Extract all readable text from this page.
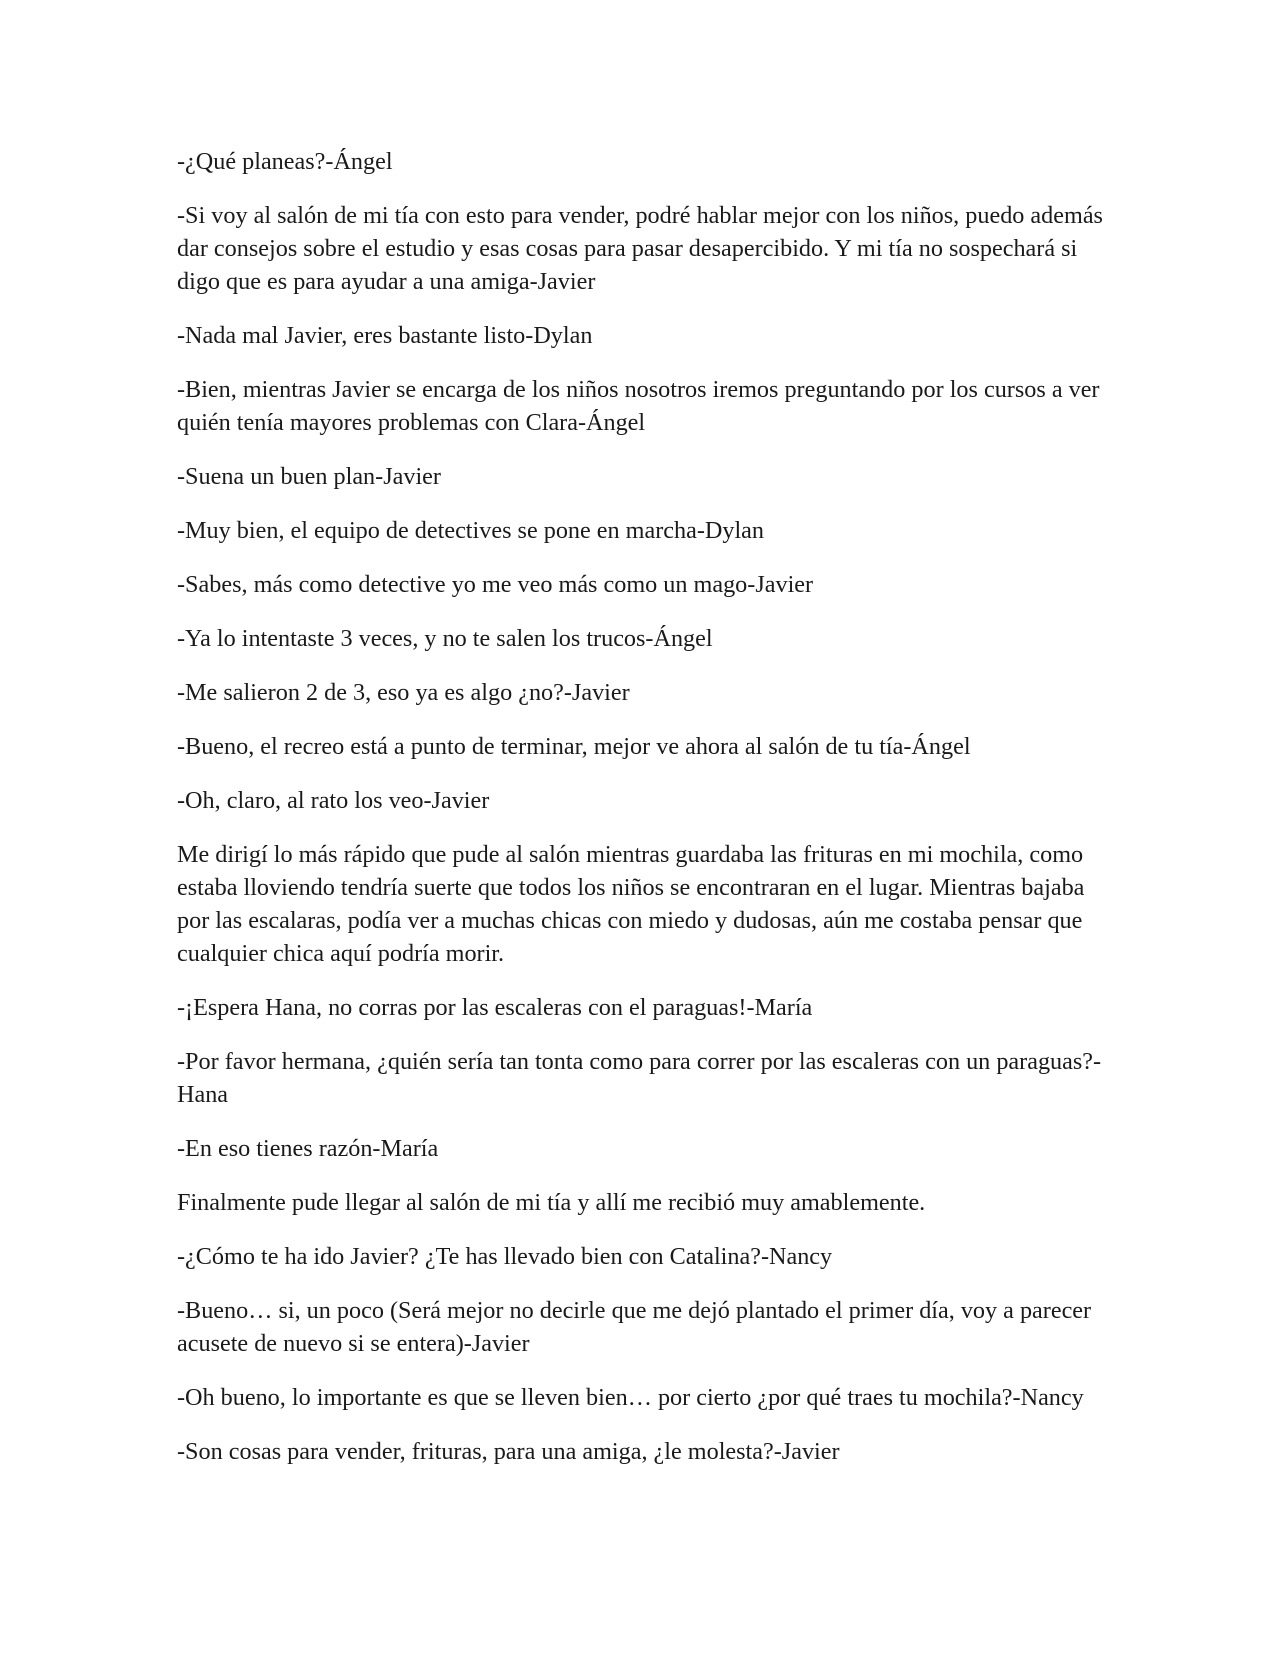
-¿Qué planeas?-Ángel

-Si voy al salón de mi tía con esto para vender, podré hablar mejor con los niños, puedo además dar consejos sobre el estudio y esas cosas para pasar desapercibido. Y mi tía no sospechará si digo que es para ayudar a una amiga-Javier

-Nada mal Javier, eres bastante listo-Dylan

-Bien, mientras Javier se encarga de los niños nosotros iremos preguntando por los cursos a ver quién tenía mayores problemas con Clara-Ángel

-Suena un buen plan-Javier

-Muy bien, el equipo de detectives se pone en marcha-Dylan

-Sabes, más como detective yo me veo más como un mago-Javier

-Ya lo intentaste 3 veces, y no te salen los trucos-Ángel

-Me salieron 2 de 3, eso ya es algo ¿no?-Javier

-Bueno, el recreo está a punto de terminar, mejor ve ahora al salón de tu tía-Ángel

-Oh, claro, al rato los veo-Javier

Me dirigí lo más rápido que pude al salón mientras guardaba las frituras en mi mochila, como estaba lloviendo tendría suerte que todos los niños se encontraran en el lugar. Mientras bajaba por las escalaras, podía ver a muchas chicas con miedo y dudosas, aún me costaba pensar que cualquier chica aquí podría morir.

-¡Espera Hana, no corras por las escaleras con el paraguas!-María

-Por favor hermana, ¿quién sería tan tonta como para correr por las escaleras con un paraguas?-Hana

-En eso tienes razón-María

Finalmente pude llegar al salón de mi tía y allí me recibió muy amablemente.

-¿Cómo te ha ido Javier? ¿Te has llevado bien con Catalina?-Nancy

-Bueno… si, un poco (Será mejor no decirle que me dejó plantado el primer día, voy a parecer acusete de nuevo si se entera)-Javier

-Oh bueno, lo importante es que se lleven bien… por cierto ¿por qué traes tu mochila?-Nancy

-Son cosas para vender, frituras, para una amiga, ¿le molesta?-Javier
